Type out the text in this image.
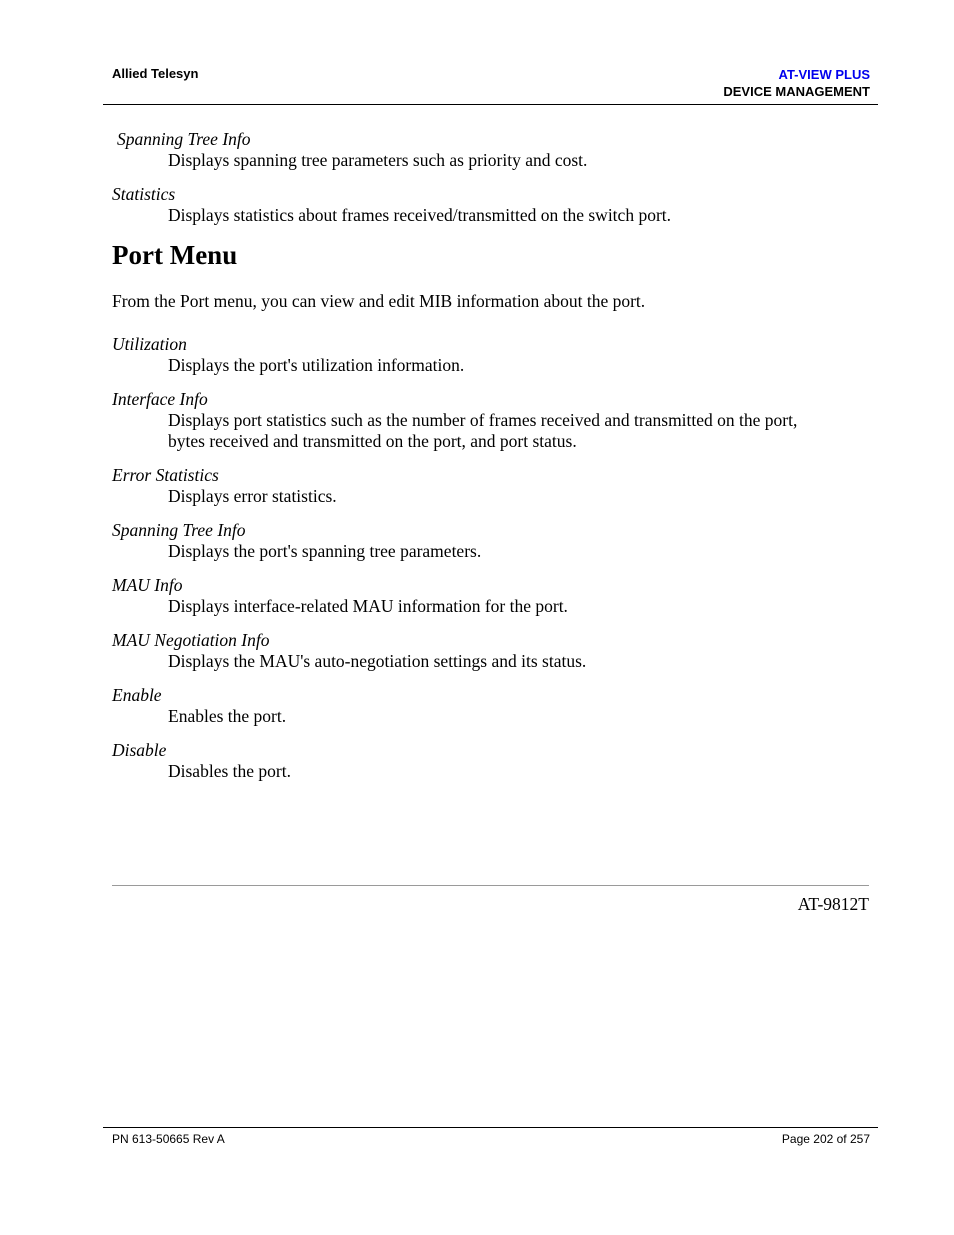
Allied Telesyn	AT-VIEW PLUS
DEVICE MANAGEMENT
Spanning Tree Info
Displays spanning tree parameters such as priority and cost.
Statistics
Displays statistics about frames received/transmitted on the switch port.
Port Menu
From the Port menu, you can view and edit MIB information about the port.
Utilization
Displays the port's utilization information.
Interface Info
Displays port statistics such as the number of frames received and transmitted on the port,
bytes received and transmitted on the port, and port status.
Error Statistics
Displays error statistics.
Spanning Tree Info
Displays the port's spanning tree parameters.
MAU Info
Displays interface-related MAU information for the port.
MAU Negotiation Info
Displays the MAU's auto-negotiation settings and its status.
Enable
Enables the port.
Disable
Disables the port.
AT-9812T
PN 613-50665 Rev A	Page 202 of 257
